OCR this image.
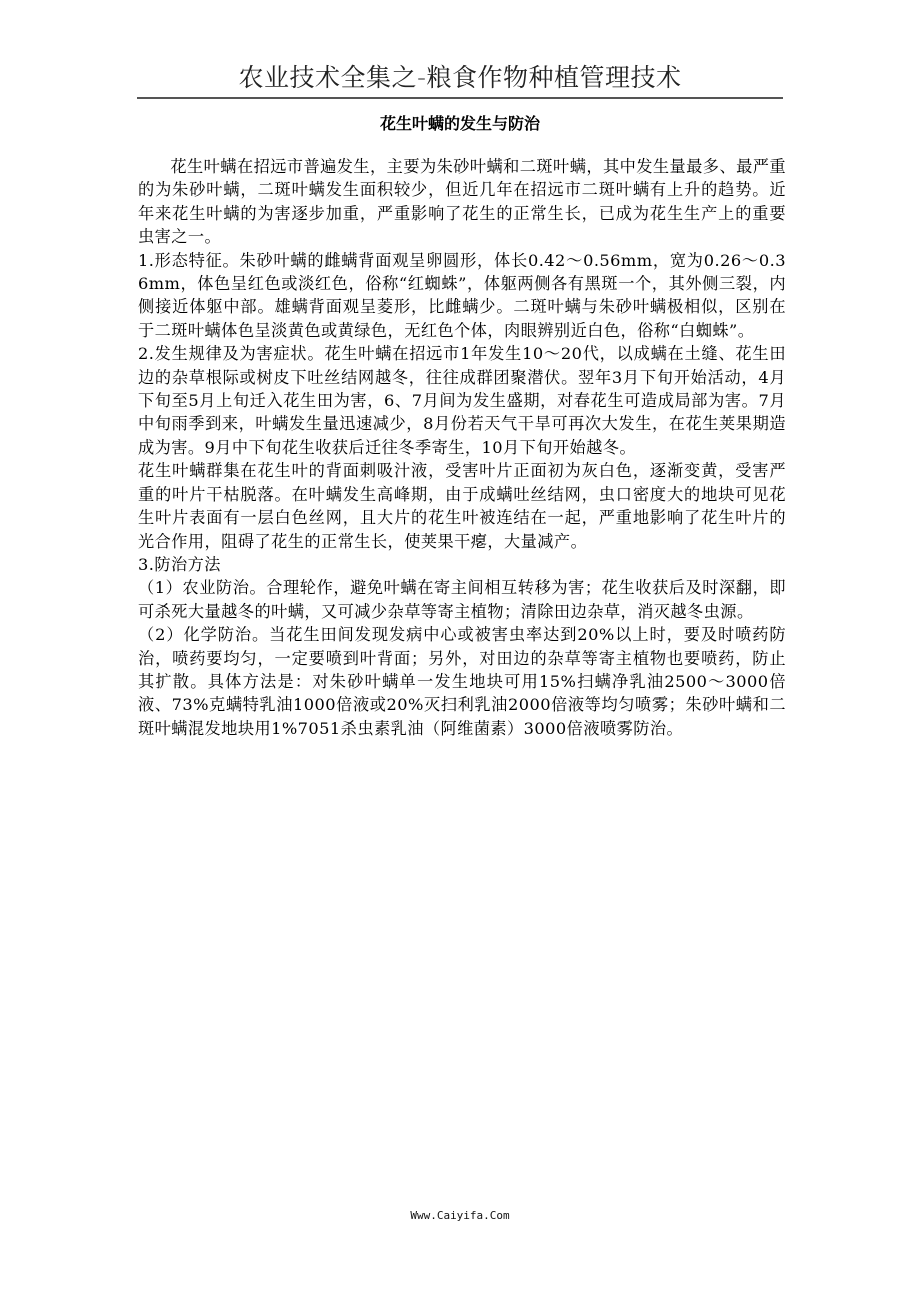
农业技术全集之-粮食作物种植管理技术
花生叶螨的发生与防治

花生叶螨在招远市普遍发生，主要为朱砂叶螨和二斑叶螨，其中发生量最多、最严重的为朱砂叶螨，二斑叶螨发生面积较少，但近几年在招远市二斑叶螨有上升的趋势。近年来花生叶螨的为害逐步加重，严重影响了花生的正常生长，已成为花生生产上的重要虫害之一。

1.形态特征。朱砂叶螨的雌螨背面观呈卵圆形，体长0.42～0.56mm，宽为0.26～0.36mm，体色呈红色或淡红色，俗称“红蜘蛛”，体躯两侧各有黑斑一个，其外侧三裂，内侧接近体躯中部。雄螨背面观呈菱形，比雌螨少。二斑叶螨与朱砂叶螨极相似，区别在于二斑叶螨体色呈淡黄色或黄绿色，无红色个体，肉眼辨别近白色，俗称“白蜘蛛”。

2.发生规律及为害症状。花生叶螨在招远市1年发生10～20代，以成螨在土缝、花生田边的杂草根际或树皮下吐丝结网越冬，往往成群团聚潜伏。翌年3月下旬开始活动，4月下旬至5月上旬迁入花生田为害，6、7月间为发生盛期，对春花生可造成局部为害。7月中旬雨季到来，叶螨发生量迅速减少，8月份若天气干旱可再次大发生，在花生荚果期造成为害。9月中下旬花生收获后迁往冬季寄生，10月下旬开始越冬。

花生叶螨群集在花生叶的背面刺吸汁液，受害叶片正面初为灰白色，逐渐变黄，受害严重的叶片干枯脱落。在叶螨发生高峰期，由于成螨吐丝结网，虫口密度大的地块可见花生叶片表面有一层白色丝网，且大片的花生叶被连结在一起，严重地影响了花生叶片的光合作用，阻碍了花生的正常生长，使荚果干瘪，大量减产。

3.防治方法

（1）农业防治。合理轮作，避免叶螨在寄主间相互转移为害；花生收获后及时深翻，即可杀死大量越冬的叶螨，又可减少杂草等寄主植物；清除田边杂草，消灭越冬虫源。

（2）化学防治。当花生田间发现发病中心或被害虫率达到20%以上时，要及时喷药防治，喷药要均匀，一定要喷到叶背面；另外，对田边的杂草等寄主植物也要喷药，防止其扩散。具体方法是：对朱砂叶螨单一发生地块可用15%扫螨净乳油2500～3000倍液、73%克螨特乳油1000倍液或20%灭扫利乳油2000倍液等均匀喷雾；朱砂叶螨和二斑叶螨混发地块用1%7051杀虫素乳油（阿维菌素）3000倍液喷雾防治。

Www.Caiyifa.Com
